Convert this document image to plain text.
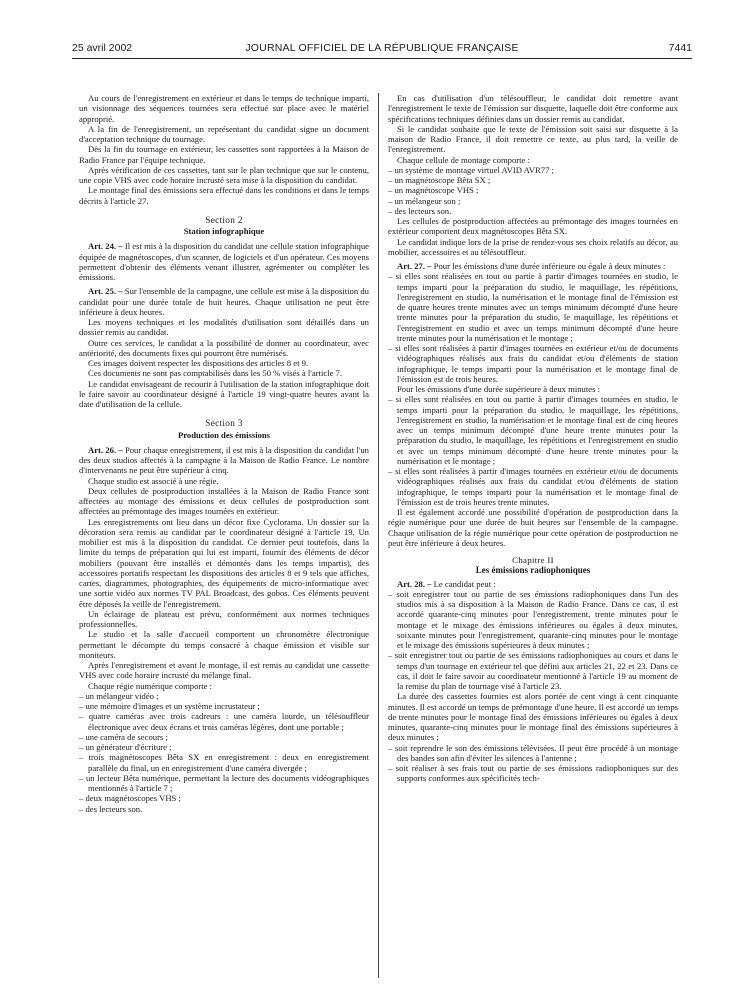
25 avril 2002	JOURNAL OFFICIEL DE LA RÉPUBLIQUE FRANÇAISE	7441

Au cours de l'enregistrement en extérieur et dans le temps de technique imparti, un visionnage des séquences tournées sera effectué sur place avec le matériel approprié.

A la fin de l'enregistrement, un représentant du candidat signe un document d'acceptation technique du tournage.

Dès la fin du tournage en extérieur, les cassettes sont rapportées à la Maison de Radio France par l'équipe technique.

Après vérification de ces cassettes, tant sur le plan technique que sur le contenu, une copie VHS avec code horaire incrusté sera mise à la disposition du candidat.

Le montage final des émissions sera effectué dans les conditions et dans le temps décrits à l'article 27.

Section 2

Station infographique

Art. 24. – Il est mis à la disposition du candidat une cellule station infographique équipée de magnétoscopes, d'un scanner, de logiciels et d'un opérateur. Ces moyens permettent d'obtenir des éléments venant illustrer, agrémenter ou compléter les émissions.

Art. 25. – Sur l'ensemble de la campagne, une cellule est mise à la disposition du candidat pour une durée totale de huit heures. Chaque utilisation ne peut être inférieure à deux heures.

Les moyens techniques et les modalités d'utilisation sont détaillés dans un dossier remis au candidat.

Outre ces services, le candidat a la possibilité de donner au coordinateur, avec antériorité, des documents fixes qui pourront être numérisés.

Ces images doivent respecter les dispositions des articles 8 et 9.

Ces documents ne sont pas comptabilisés dans les 50 % visés à l'article 7.

Le candidat envisageant de recourir à l'utilisation de la station infographique doit le faire savoir au coordinateur désigné à l'article 19 vingt-quatre heures avant la date d'utilisation de la cellule.

Section 3

Production des émissions

Art. 26. – Pour chaque enregistrement, il est mis à la disposition du candidat l'un des deux studios affectés à la campagne à la Maison de Radio France. Le nombre d'intervenants ne peut être supérieur à cinq.

Chaque studio est associé à une régie.

Deux cellules de postproduction installées à la Maison de Radio France sont affectées au montage des émissions et deux cellules de postproduction sont affectées au prémontage des images tournées en extérieur.

Les enregistrements ont lieu dans un décor fixe Cyclorama. Un dossier sur la décoration sera remis au candidat par le coordinateur désigné à l'article 19. Un mobilier est mis à la disposition du candidat. Ce dernier peut toutefois, dans la limite du temps de préparation qui lui est imparti, fournir des éléments de décor mobiliers (pouvant être installés et démontés dans les temps impartis), des accessoires portatifs respectant les dispositions des articles 8 et 9 tels que affiches, cartes, diagrammes, photographies, des équipements de micro-informatique avec une sortie vidéo aux normes TV PAL Broadcast, des gobos. Ces éléments peuvent être déposés la veille de l'enregistrement.

Un éclairage de plateau est prévu, conformément aux normes techniques professionnelles.

Le studio et la salle d'accueil comportent un chronomètre électronique permettant le décompte du temps consacré à chaque émission et visible sur moniteurs.

Après l'enregistrement et avant le montage, il est remis au candidat une cassette VHS avec code horaire incrusté du mélange final.

Chaque régie numérique comporte :

– un mélangeur vidéo ;

– une mémoire d'images et un système incrustateur ;

– quatre caméras avec trois cadreurs : une caméra lourde, un télésouffleur électronique avec deux écrans et trois caméras légères, dont une portable ;

– une caméra de secours ;

– un générateur d'écriture ;

– trois magnétoscopes Bêta SX en enregistrement : deux en enregistrement parallèle du final, un en enregistrement d'une caméra divergée ;

– un lecteur Bêta numérique, permettant la lecture des documents vidéographiques mentionnés à l'article 7 ;

– deux magnétoscopes VHS ;

– des lecteurs son.

En cas d'utilisation d'un télésouffleur, le candidat doit remettre avant l'enregistrement le texte de l'émission sur disquette, laquelle doit être conforme aux spécifications techniques définies dans un dossier remis au candidat.

Si le candidat souhaite que le texte de l'émission soit saisi sur disquette à la maison de Radio France, il doit remettre ce texte, au plus tard, la veille de l'enregistrement.

Chaque cellule de montage comporte :

– un système de montage virtuel AVID AVR77 ;

– un magnétoscope Bêta SX ;

– un magnétoscope VHS ;

– un mélangeur son ;

– des lecteurs son.

Les cellules de postproduction affectées au prémontage des images tournées en extérieur comportent deux magnétoscopes Bêta SX.

Le candidat indique lors de la prise de rendez-vous ses choix relatifs au décor, au mobilier, accessoires et au télésouffleur.

Art. 27. – Pour les émissions d'une durée inférieure ou égale à deux minutes :

– si elles sont réalisées en tout ou partie à partir d'images tournées en studio, le temps imparti pour la préparation du studio, le maquillage, les répétitions, l'enregistrement en studio, la numérisation et le montage final de l'émission est de quatre heures trente minutes avec un temps minimum décompté d'une heure trente minutes pour la préparation du studio, le maquillage, les répétitions et l'enregistrement en studio et avec un temps minimum décompté d'une heure trente minutes pour la numérisation et le montage ;

– si elles sont réalisées à partir d'images tournées en extérieur et/ou de documents vidéographiques réalisés aux frais du candidat et/ou d'éléments de station infographique, le temps imparti pour la numérisation et le montage final de l'émission est de trois heures.

Pour les émissions d'une durée supérieure à deux minutes :

– si elles sont réalisées en tout ou partie à partir d'images tournées en studio, le temps imparti pour la préparation du studio, le maquillage, les répétitions, l'enregistrement en studio, la numérisation et le montage final est de cinq heures avec un temps minimum décompté d'une heure trente minutes pour la préparation du studio, le maquillage, les répétitions et l'enregistrement en studio et avec un temps minimum décompté d'une heure trente minutes pour la numérisation et le montage ;

– si elles sont réalisées à partir d'images tournées en extérieur et/ou de documents vidéographiques réalisés aux frais du candidat et/ou d'éléments de station infographique, le temps imparti pour la numérisation et le montage final de l'émission est de trois heures trente minutes.

Il est également accordé une possibilité d'opération de postproduction dans la régie numérique pour une durée de huit heures sur l'ensemble de la campagne. Chaque utilisation de la régie numérique pour cette opération de postproduction ne peut être inférieure à deux heures.

Chapitre II

Les émissions radiophoniques

Art. 28. – Le candidat peut :

– soit enregistrer tout ou partie de ses émissions radiophoniques dans l'un des studios mis à sa disposition à la Maison de Radio France. Dans ce cas, il est accordé quarante-cinq minutes pour l'enregistrement, trente minutes pour le montage et le mixage des émissions inférieures ou égales à deux minutes, soixante minutes pour l'enregistrement, quarante-cinq minutes pour le montage et le mixage des émissions supérieures à deux minutes ;

– soit enregistrer tout ou partie de ses émissions radiophoniques au cours et dans le temps d'un tournage en extérieur tel que défini aux articles 21, 22 et 23. Dans ce cas, il doit le faire savoir au coordinateur mentionné à l'article 19 au moment de la remise du plan de tournage visé à l'article 23.

La durée des cassettes fournies est alors portée de cent vingt à cent cinquante minutes. Il est accordé un temps de prémontage d'une heure. Il est accordé un temps de trente minutes pour le montage final des émissions inférieures ou égales à deux minutes, quarante-cinq minutes pour le montage final des émissions supérieures à deux minutes ;

– soit reprendre le son des émissions télévisées. Il peut être procédé à un montage des bandes son afin d'éviter les silences à l'antenne ;

– soit réaliser à ses frais tout ou partie de ses émissions radiophoniques sur des supports conformes aux spécificités tech-
